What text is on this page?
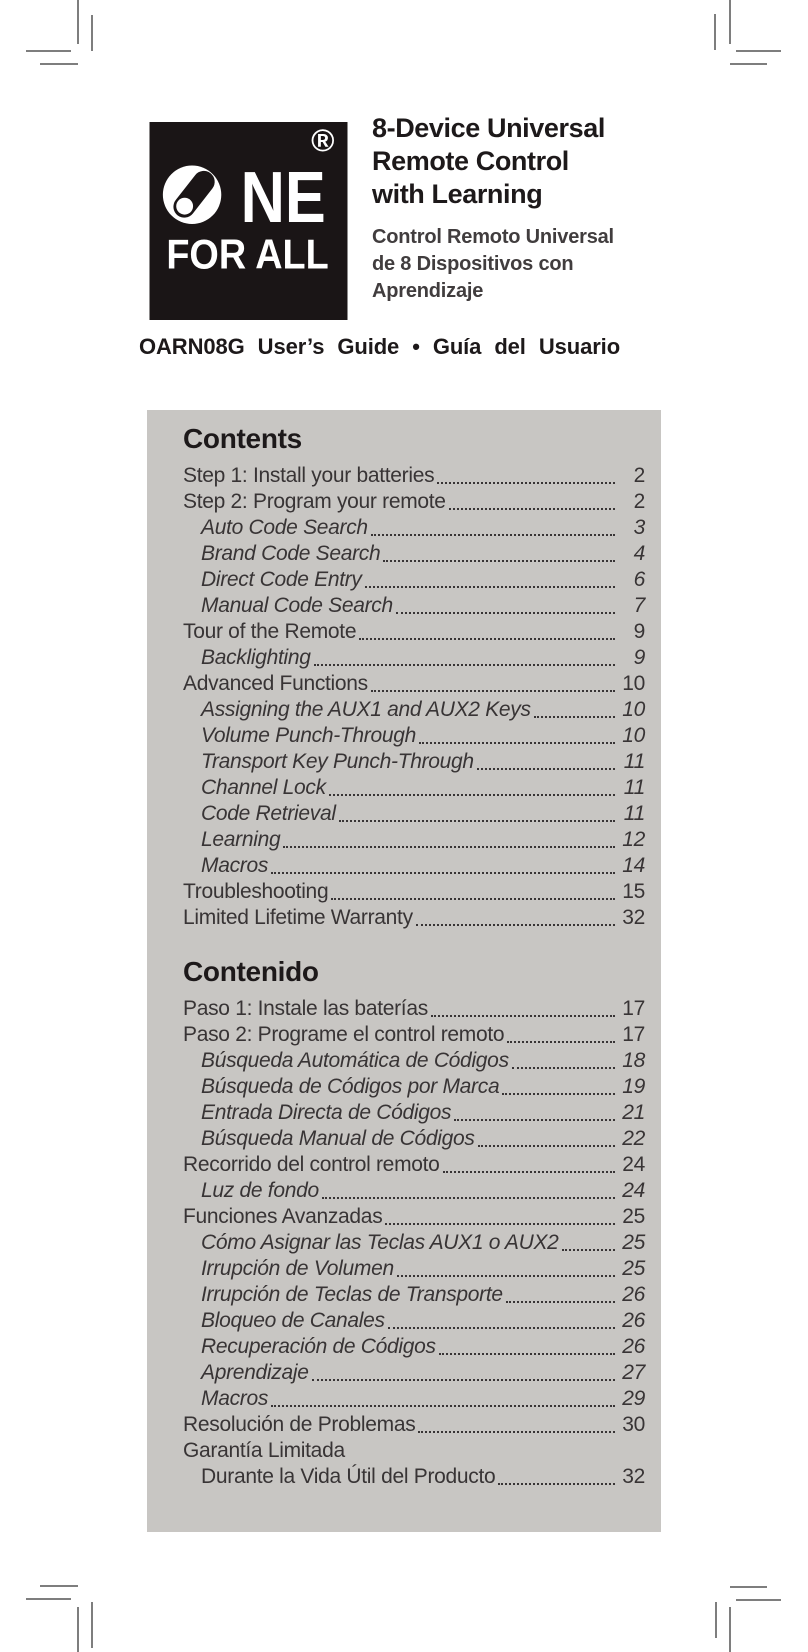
®
NE
FOR ALL
8-Device Universal
Remote Control
with Learning
Control Remoto Universal
de 8 Dispositivos con
Aprendizaje
OARN08G User’s Guide • Guía del Usuario
Contents
Step 1: Install your batteries	2
Step 2: Program your remote	2
Auto Code Search	3
Brand Code Search	4
Direct Code Entry	6
Manual Code Search	7
Tour of the Remote	9
Backlighting	9
Advanced Functions	10
Assigning the AUX1 and AUX2 Keys	10
Volume Punch-Through	10
Transport Key Punch-Through	11
Channel Lock	11
Code Retrieval	11
Learning	12
Macros	14
Troubleshooting	15
Limited Lifetime Warranty	32
Contenido
Paso 1: Instale las baterías	17
Paso 2: Programe el control remoto	17
Búsqueda Automática de Códigos	18
Búsqueda de Códigos por Marca	19
Entrada Directa de Códigos	21
Búsqueda Manual de Códigos	22
Recorrido del control remoto	24
Luz de fondo	24
Funciones Avanzadas	25
Cómo Asignar las Teclas AUX1 o AUX2	25
Irrupción de Volumen	25
Irrupción de Teclas de Transporte	26
Bloqueo de Canales	26
Recuperación de Códigos	26
Aprendizaje	27
Macros	29
Resolución de Problemas	30
Garantía Limitada
Durante la Vida Útil del Producto	32
